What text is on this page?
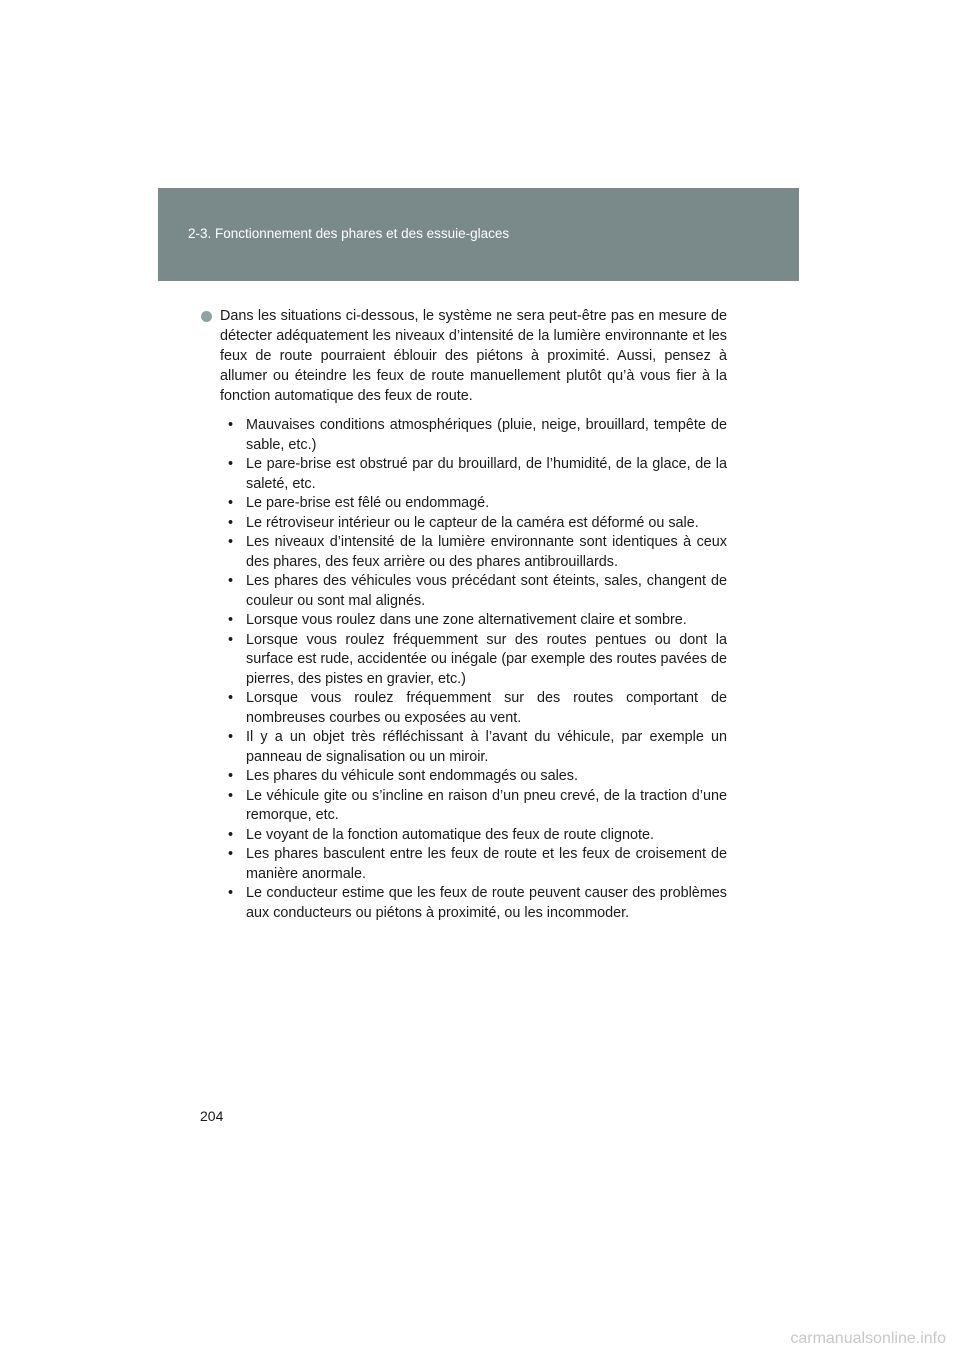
2-3. Fonctionnement des phares et des essuie-glaces
Dans les situations ci-dessous, le système ne sera peut-être pas en mesure de détecter adéquatement les niveaux d’intensité de la lumière environnante et les feux de route pourraient éblouir des piétons à proximité. Aussi, pensez à allumer ou éteindre les feux de route manuellement plutôt qu’à vous fier à la fonction automatique des feux de route.
• Mauvaises conditions atmosphériques (pluie, neige, brouillard, tempête de sable, etc.)
• Le pare-brise est obstrué par du brouillard, de l’humidité, de la glace, de la saleté, etc.
• Le pare-brise est fêlé ou endommagé.
• Le rétroviseur intérieur ou le capteur de la caméra est déformé ou sale.
• Les niveaux d’intensité de la lumière environnante sont identiques à ceux des phares, des feux arrière ou des phares antibrouillards.
• Les phares des véhicules vous précédant sont éteints, sales, changent de couleur ou sont mal alignés.
• Lorsque vous roulez dans une zone alternativement claire et sombre.
• Lorsque vous roulez fréquemment sur des routes pentues ou dont la surface est rude, accidentée ou inégale (par exemple des routes pavées de pierres, des pistes en gravier, etc.)
• Lorsque vous roulez fréquemment sur des routes comportant de nombreuses courbes ou exposées au vent.
• Il y a un objet très réfléchissant à l’avant du véhicule, par exemple un panneau de signalisation ou un miroir.
• Les phares du véhicule sont endommagés ou sales.
• Le véhicule gite ou s’incline en raison d’un pneu crevé, de la traction d’une remorque, etc.
• Le voyant de la fonction automatique des feux de route clignote.
• Les phares basculent entre les feux de route et les feux de croisement de manière anormale.
• Le conducteur estime que les feux de route peuvent causer des problèmes aux conducteurs ou piétons à proximité, ou les incommoder.
204
carmanualsonline.info
